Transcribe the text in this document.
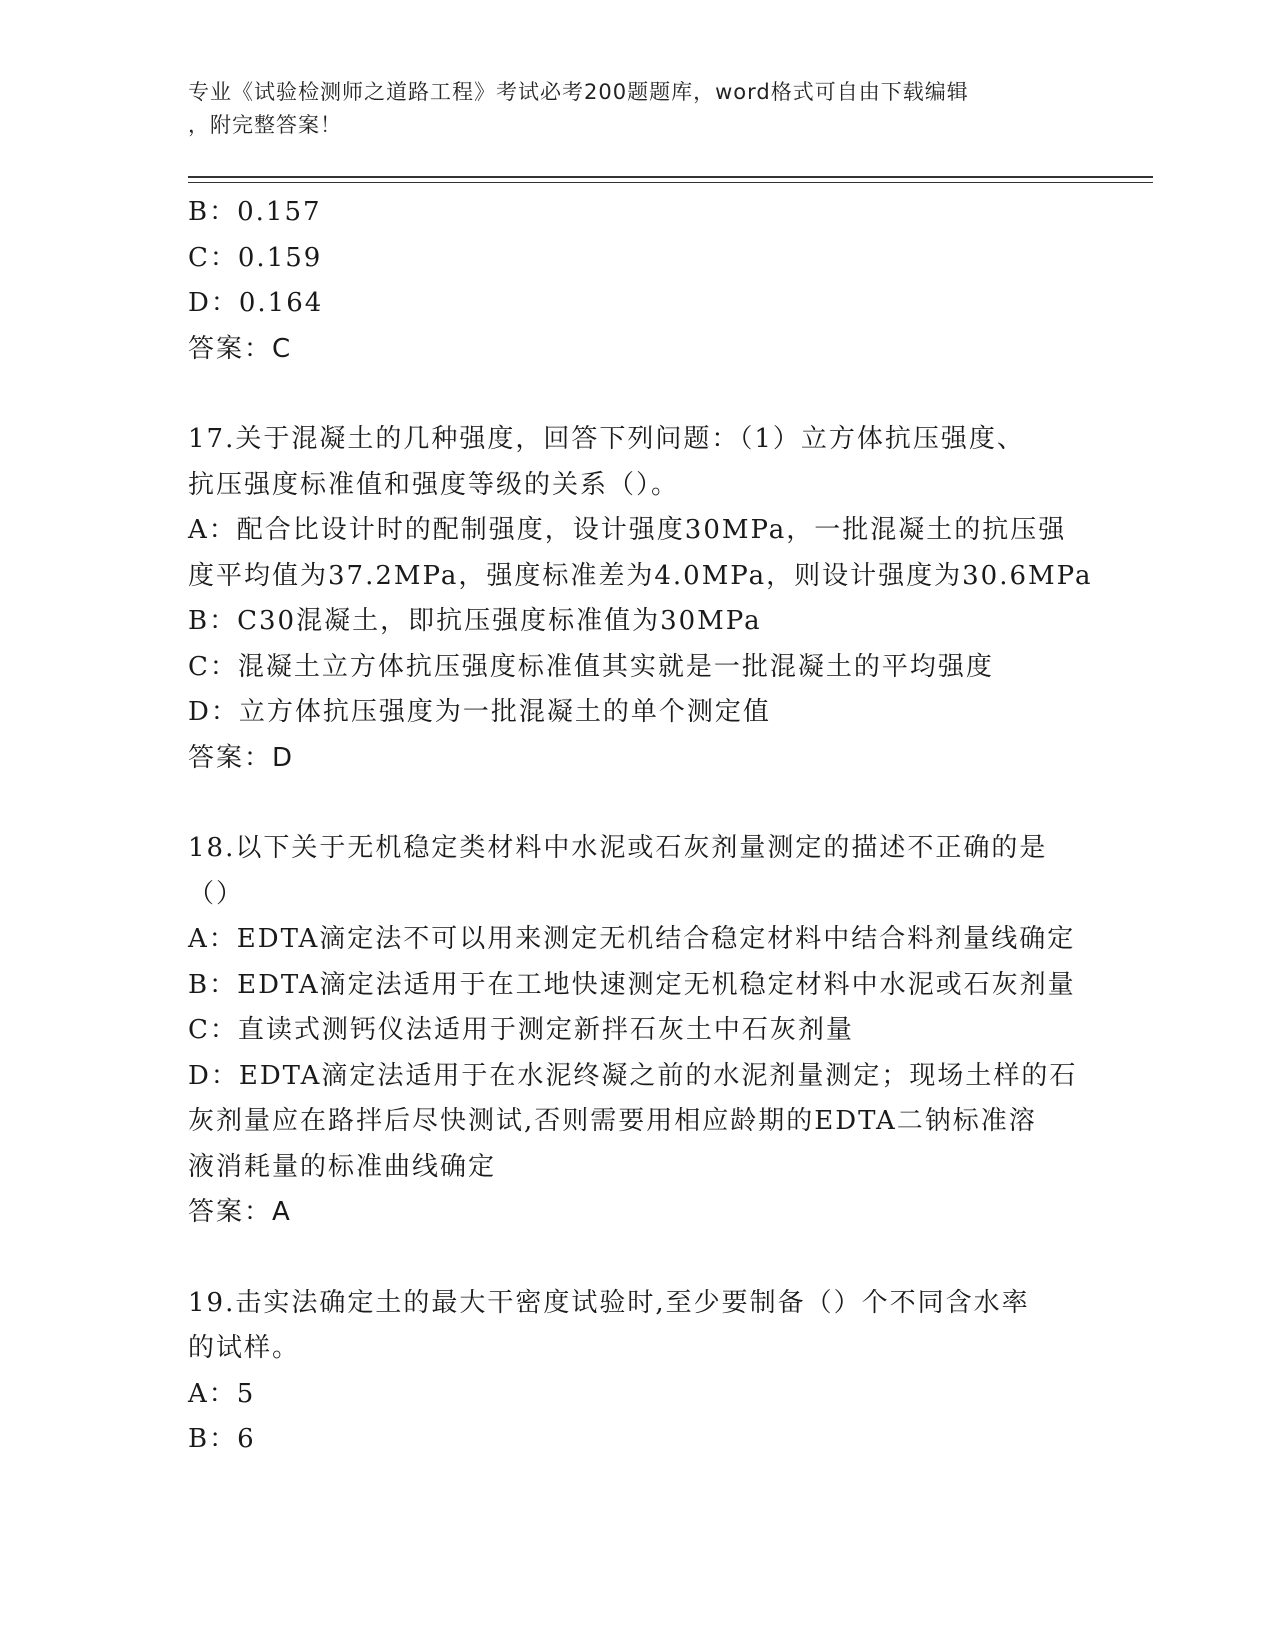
专业《试验检测师之道路工程》考试必考200题题库，word格式可自由下载编辑
，附完整答案！
B：0.157
C：0.159
D：0.164
答案：C
17.关于混凝土的几种强度，回答下列问题：（1）立方体抗压强度、
抗压强度标准值和强度等级的关系（）。
A：配合比设计时的配制强度，设计强度30MPa，一批混凝土的抗压强
度平均值为37.2MPa，强度标准差为4.0MPa，则设计强度为30.6MPa
B：C30混凝土，即抗压强度标准值为30MPa
C：混凝土立方体抗压强度标准值其实就是一批混凝土的平均强度
D：立方体抗压强度为一批混凝土的单个测定值
答案：D
18.以下关于无机稳定类材料中水泥或石灰剂量测定的描述不正确的是
（）
A：EDTA滴定法不可以用来测定无机结合稳定材料中结合料剂量线确定
B：EDTA滴定法适用于在工地快速测定无机稳定材料中水泥或石灰剂量
C：直读式测钙仪法适用于测定新拌石灰土中石灰剂量
D：EDTA滴定法适用于在水泥终凝之前的水泥剂量测定；现场土样的石
灰剂量应在路拌后尽快测试,否则需要用相应龄期的EDTA二钠标准溶
液消耗量的标准曲线确定
答案：A
19.击实法确定土的最大干密度试验时,至少要制备（）个不同含水率
的试样。
A：5
B：6
